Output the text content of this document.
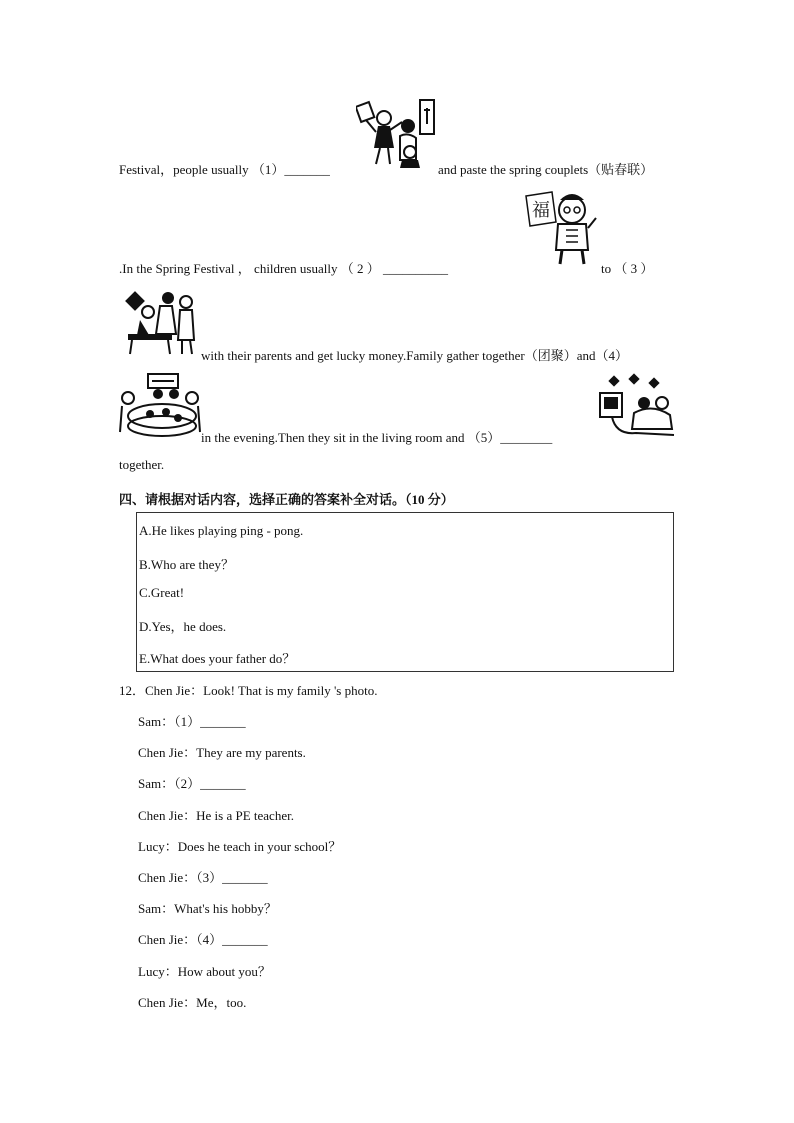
Festival，people usually （1）_______	and paste the spring couplets（贴春联）
福
.In the Spring Festival ， children usually （ 2 ） __________	to （ 3 ）
with their parents and get lucky money.Family gather together（团聚）and（4）
in the evening.Then they sit in the living room and （5）________
together.
四、请根据对话内容，选择正确的答案补全对话。（10 分）
A.He likes playing ping - pong.
B.Who are they？
C.Great!
D.Yes，he does.
E.What does your father do？
12．Chen Jie：Look! That is my family 's photo.
Sam：（1）_______
Chen Jie：They are my parents.
Sam：（2）_______
Chen Jie：He is a PE teacher.
Lucy：Does he teach in your school？
Chen Jie：（3）_______
Sam：What's his hobby？
Chen Jie：（4）_______
Lucy：How about you？
Chen Jie：Me，too.
